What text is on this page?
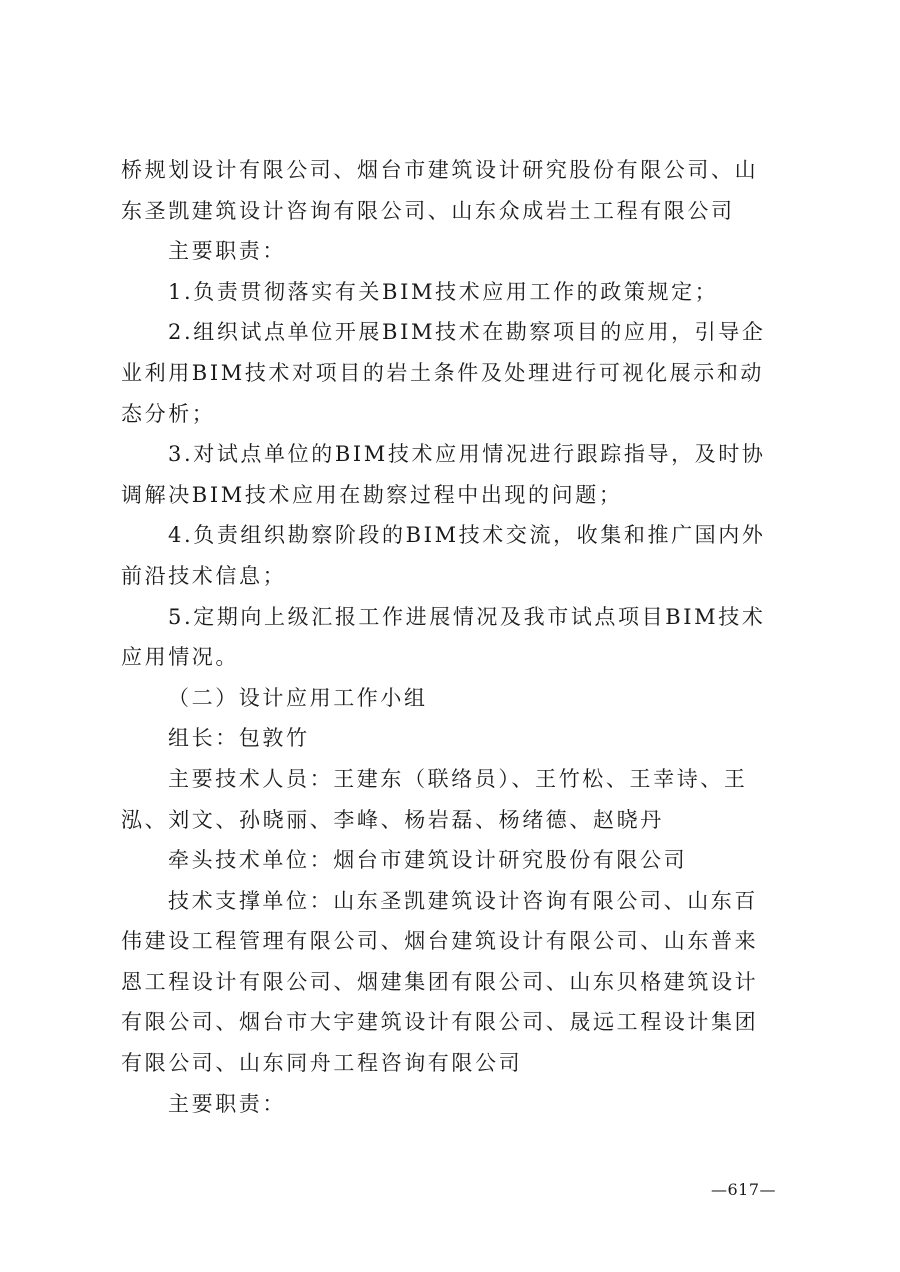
桥规划设计有限公司、烟台市建筑设计研究股份有限公司、山东圣凯建筑设计咨询有限公司、山东众成岩土工程有限公司

主要职责：

1.负责贯彻落实有关BIM技术应用工作的政策规定；

2.组织试点单位开展BIM技术在勘察项目的应用，引导企业利用BIM技术对项目的岩土条件及处理进行可视化展示和动态分析；

3.对试点单位的BIM技术应用情况进行跟踪指导，及时协调解决BIM技术应用在勘察过程中出现的问题；

4.负责组织勘察阶段的BIM技术交流，收集和推广国内外前沿技术信息；

5.定期向上级汇报工作进展情况及我市试点项目BIM技术应用情况。

（二）设计应用工作小组

组长：包敦竹

主要技术人员：王建东（联络员）、王竹松、王幸诗、王泓、刘文、孙晓丽、李峰、杨岩磊、杨绪德、赵晓丹

牵头技术单位：烟台市建筑设计研究股份有限公司

技术支撑单位：山东圣凯建筑设计咨询有限公司、山东百伟建设工程管理有限公司、烟台建筑设计有限公司、山东普来恩工程设计有限公司、烟建集团有限公司、山东贝格建筑设计有限公司、烟台市大宇建筑设计有限公司、晟远工程设计集团有限公司、山东同舟工程咨询有限公司

主要职责：

—617—
